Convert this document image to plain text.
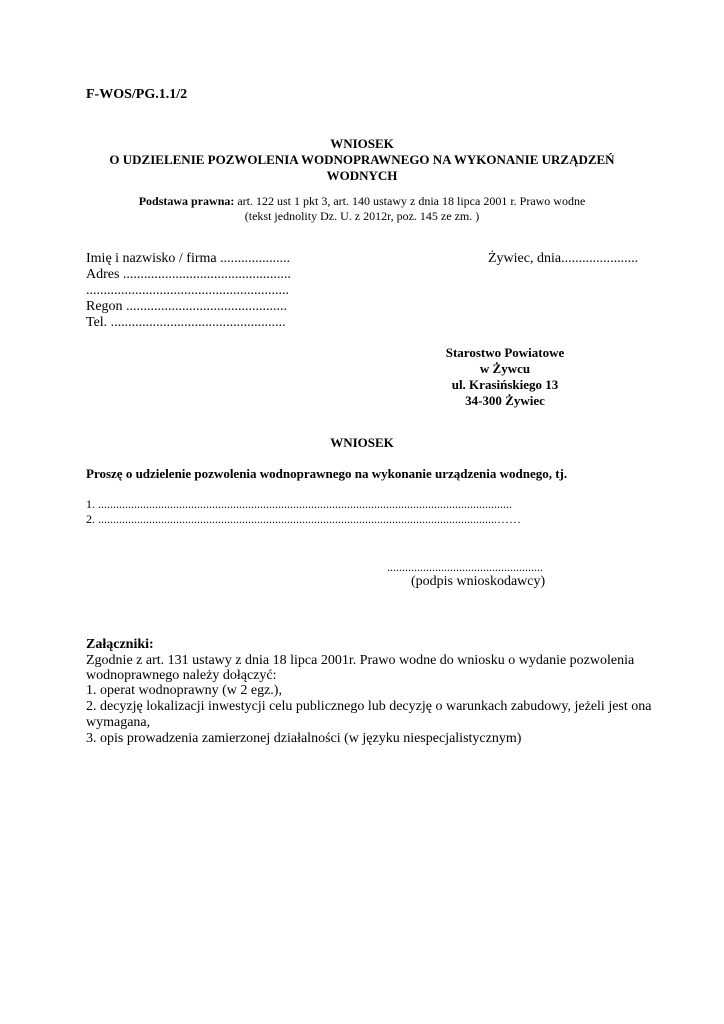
F-WOS/PG.1.1/2
WNIOSEK
O UDZIELENIE POZWOLENIA WODNOPRAWNEGO NA WYKONANIE URZĄDZEŃ
WODNYCH
Podstawa prawna: art. 122 ust 1 pkt 3, art. 140 ustawy z dnia 18 lipca 2001 r. Prawo wodne
(tekst jednolity Dz. U. z 2012r, poz. 145 ze zm. )
Imię i nazwisko / firma ....................
Adres ................................................
..........................................................
Regon ..............................................
Tel. ..................................................
Żywiec, dnia......................
Starostwo Powiatowe
w Żywcu
ul. Krasińskiego 13
34-300 Żywiec
WNIOSEK
Proszę o udzielenie pozwolenia wodnoprawnego na wykonanie urządzenia wodnego, tj.
1. ..........................................................................................................................................
2. .....................................................................................................................................……
....................................................
(podpis wnioskodawcy)
Załączniki:
Zgodnie z art. 131 ustawy z dnia 18 lipca 2001r. Prawo wodne do wniosku o wydanie pozwolenia
wodnoprawnego należy dołączyć:
1. operat wodnoprawny (w 2 egz.),
2. decyzję lokalizacji inwestycji celu publicznego lub decyzję o warunkach zabudowy, jeżeli jest ona
wymagana,
3. opis prowadzenia zamierzonej działalności (w języku niespecjalistycznym)
